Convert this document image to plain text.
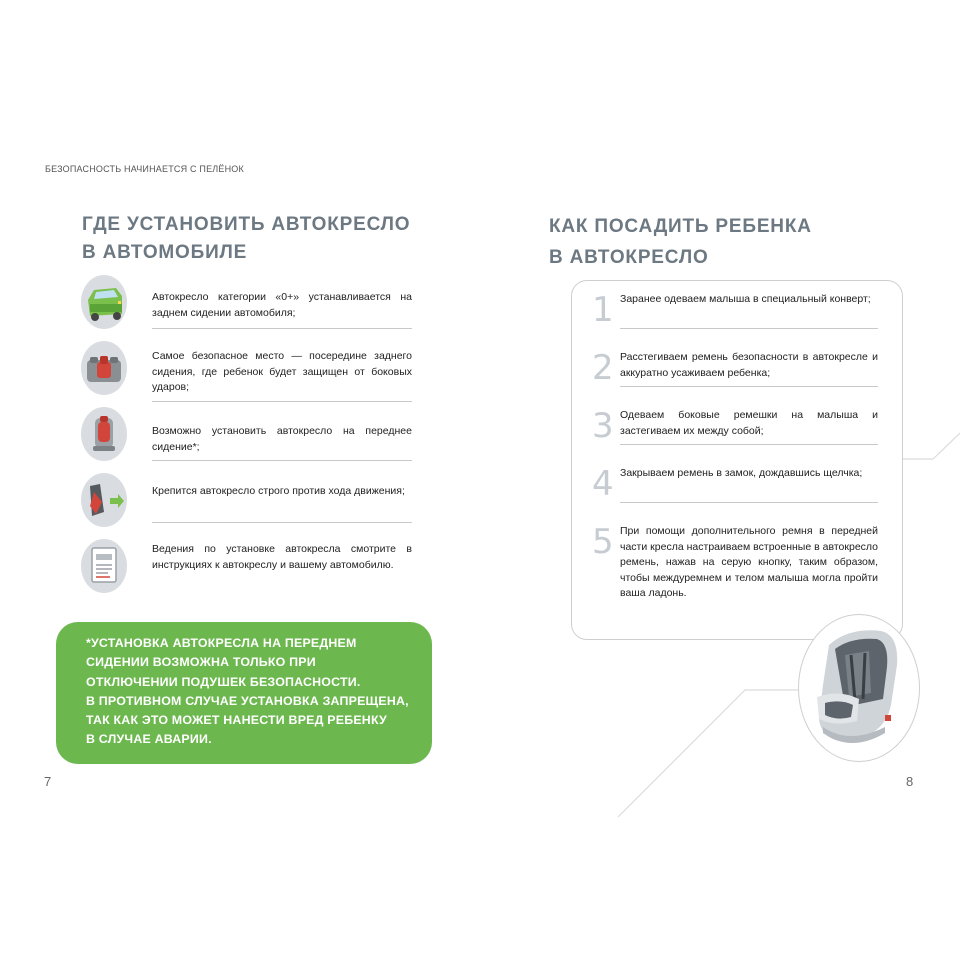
БЕЗОПАСНОСТЬ НАЧИНАЕТСЯ С ПЕЛЁНОК
ГДЕ УСТАНОВИТЬ АВТОКРЕСЛО
В АВТОМОБИЛЕ
Автокресло категории «0+» устанавливается на заднем сидении автомобиля;
Самое безопасное место — посередине заднего сидения, где ребенок будет защищен от боковых ударов;
Возможно установить автокресло на переднее сидение*;
Крепится автокресло строго против хода движения;
Ведения по установке автокресла смотрите в инструкциях к автокреслу и вашему автомобилю.
*УСТАНОВКА АВТОКРЕСЛА НА ПЕРЕДНЕМ
СИДЕНИИ ВОЗМОЖНА ТОЛЬКО ПРИ
ОТКЛЮЧЕНИИ ПОДУШЕК БЕЗОПАСНОСТИ.
В ПРОТИВНОМ СЛУЧАЕ УСТАНОВКА ЗАПРЕЩЕНА,
ТАК КАК ЭТО МОЖЕТ НАНЕСТИ ВРЕД РЕБЕНКУ
В СЛУЧАЕ АВАРИИ.
7
КАК ПОСАДИТЬ РЕБЕНКА
В АВТОКРЕСЛО
1 Заранее одеваем малыша в специальный конверт;
2 Расстегиваем ремень безопасности в автокресле и аккуратно усаживаем ребенка;
3 Одеваем боковые ремешки на малыша и застегиваем их между собой;
4 Закрываем ремень в замок, дождавшись щелчка;
5 При помощи дополнительного ремня в передней части кресла настраиваем встроенные в автокресло ремень, нажав на серую кнопку, таким образом, чтобы междуремнем и телом малыша могла пройти ваша ладонь.
8
